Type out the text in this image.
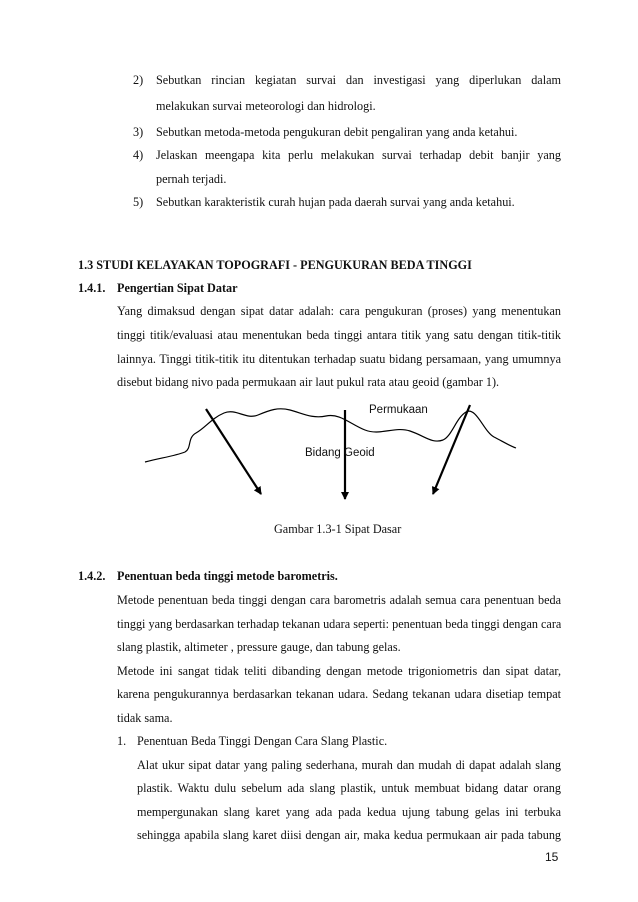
2) Sebutkan rincian kegiatan survai dan investigasi yang diperlukan dalam
melakukan survai meteorologi dan hidrologi.
3) Sebutkan metoda-metoda pengukuran debit pengaliran yang anda ketahui.
4) Jelaskan meengapa kita perlu melakukan survai terhadap debit banjir yang
pernah terjadi.
5) Sebutkan karakteristik curah hujan pada daerah survai yang anda ketahui.
1.3 STUDI KELAYAKAN TOPOGRAFI - PENGUKURAN BEDA TINGGI
1.4.1. Pengertian Sipat Datar
Yang dimaksud dengan sipat datar adalah: cara pengukuran (proses) yang menentukan
tinggi titik/evaluasi atau menentukan beda tinggi antara titik yang satu dengan titik-titik
lainnya. Tinggi titik-titik itu ditentukan terhadap suatu bidang persamaan, yang umumnya
disebut bidang nivo pada permukaan air laut pukul rata atau geoid (gambar 1).
Permukaan
Bidang Geoid
Gambar 1.3-1 Sipat Dasar
1.4.2. Penentuan beda tinggi metode barometris.
Metode penentuan beda tinggi dengan cara barometris adalah semua cara penentuan beda
tinggi yang berdasarkan terhadap tekanan udara seperti: penentuan beda tinggi dengan cara
slang plastik, altimeter , pressure gauge, dan tabung gelas.
Metode ini sangat tidak teliti dibanding dengan metode trigoniometris dan sipat datar,
karena pengukurannya berdasarkan tekanan udara. Sedang tekanan udara disetiap tempat
tidak sama.
1. Penentuan Beda Tinggi Dengan Cara Slang Plastic.
Alat ukur sipat datar yang paling sederhana, murah dan mudah di dapat adalah slang
plastik. Waktu dulu sebelum ada slang plastik, untuk membuat bidang datar orang
mempergunakan slang karet yang ada pada kedua ujung tabung gelas ini terbuka
sehingga apabila slang karet diisi dengan air, maka kedua permukaan air pada tabung
15
